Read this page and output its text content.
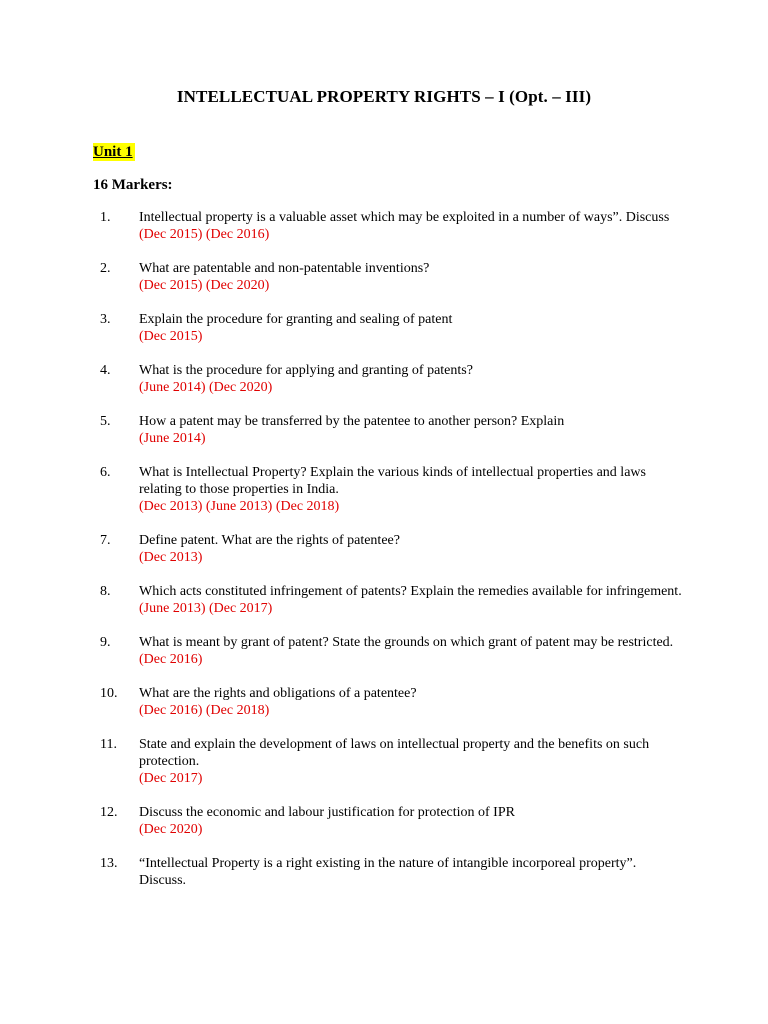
INTELLECTUAL PROPERTY RIGHTS – I (Opt. – III)
Unit 1
16 Markers:
1.	Intellectual property is a valuable asset which may be exploited in a number of ways”. Discuss
(Dec 2015) (Dec 2016)
2.	What are patentable and non-patentable inventions?
(Dec 2015) (Dec 2020)
3.	Explain the procedure for granting and sealing of patent
(Dec 2015)
4.	What is the procedure for applying and granting of patents?
(June 2014) (Dec 2020)
5.	How a patent may be transferred by the patentee to another person? Explain
(June 2014)
6.	What is Intellectual Property? Explain the various kinds of intellectual properties and laws relating to those properties in India.
(Dec 2013) (June 2013) (Dec 2018)
7.	Define patent. What are the rights of patentee?
(Dec 2013)
8.	Which acts constituted infringement of patents? Explain the remedies available for infringement.
(June 2013) (Dec 2017)
9.	What is meant by grant of patent? State the grounds on which grant of patent may be restricted.
(Dec 2016)
10.	What are the rights and obligations of a patentee?
(Dec 2016) (Dec 2018)
11.	State and explain the development of laws on intellectual property and the benefits on such protection.
(Dec 2017)
12.	Discuss the economic and labour justification for protection of IPR
(Dec 2020)
13.	“Intellectual Property is a right existing in the nature of intangible incorporeal property”. Discuss.
